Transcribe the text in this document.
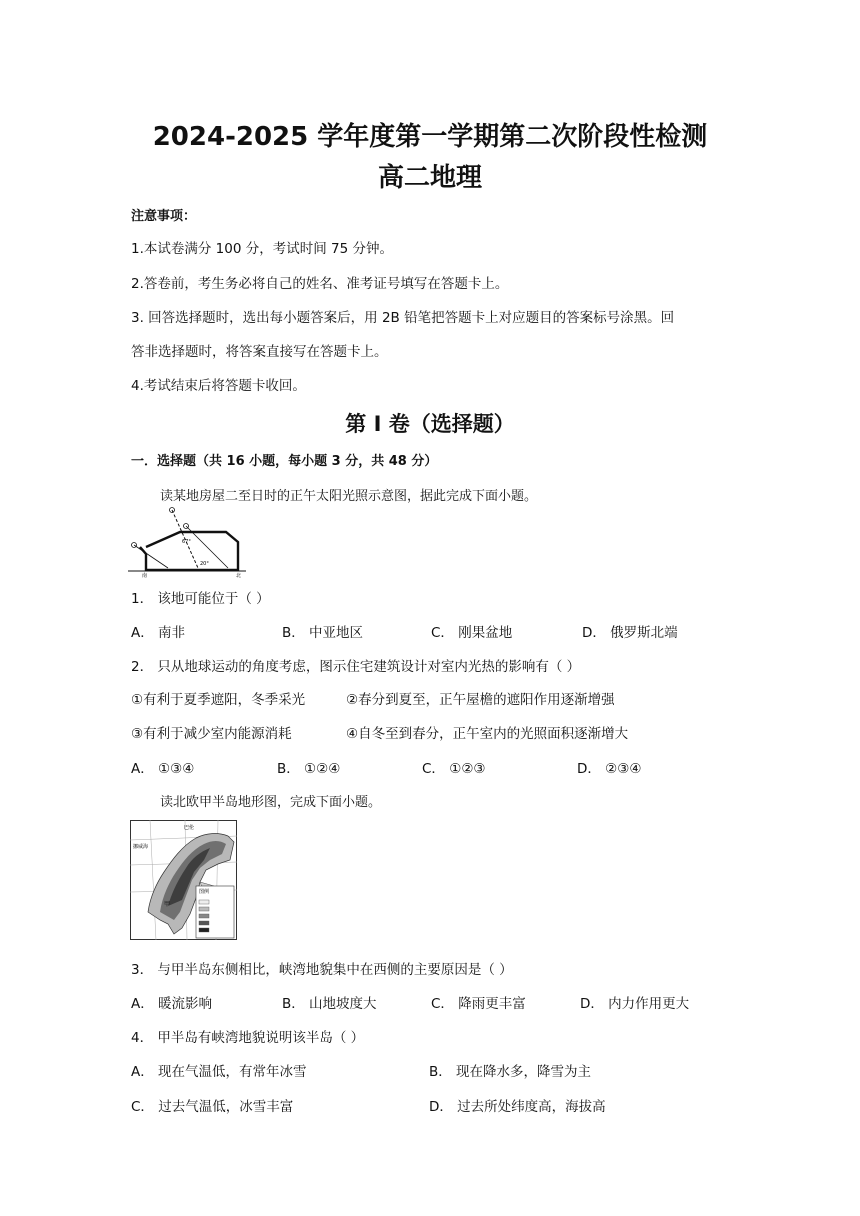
2024-2025 学年度第一学期第二次阶段性检测
高二地理
注意事项：
1.本试卷满分 100 分，考试时间 75 分钟。
2.答卷前，考生务必将自己的姓名、准考证号填写在答题卡上。
3. 回答选择题时，选出每小题答案后，用 2B 铅笔把答题卡上对应题目的答案标号涂黑。回
答非选择题时，将答案直接写在答题卡上。
4.考试结束后将答题卡收回。
第 I 卷（选择题）
一．选择题（共 16 小题，每小题 3 分，共 48 分）
读某地房屋二至日时的正午太阳光照示意图，据此完成下面小题。
67°
20°
南	北
1． 该地可能位于（ ）
A． 南非	B． 中亚地区	C． 刚果盆地	D． 俄罗斯北端
2． 只从地球运动的角度考虑，图示住宅建筑设计对室内光热的影响有（ ）
①有利于夏季遮阳，冬季采光	②春分到夏至，正午屋檐的遮阳作用逐渐增强
③有利于减少室内能源消耗	④自冬至到春分，正午室内的光照面积逐渐增大
A． ①③④	B． ①②④	C． ①②③	D． ②③④
读北欧甲半岛地形图，完成下面小题。
巴伦
挪威海
甲
图例
3． 与甲半岛东侧相比，峡湾地貌集中在西侧的主要原因是（ ）
A． 暖流影响	B． 山地坡度大	C． 降雨更丰富	D． 内力作用更大
4． 甲半岛有峡湾地貌说明该半岛（ ）
A． 现在气温低，有常年冰雪	B． 现在降水多，降雪为主
C． 过去气温低，冰雪丰富	D． 过去所处纬度高，海拔高
